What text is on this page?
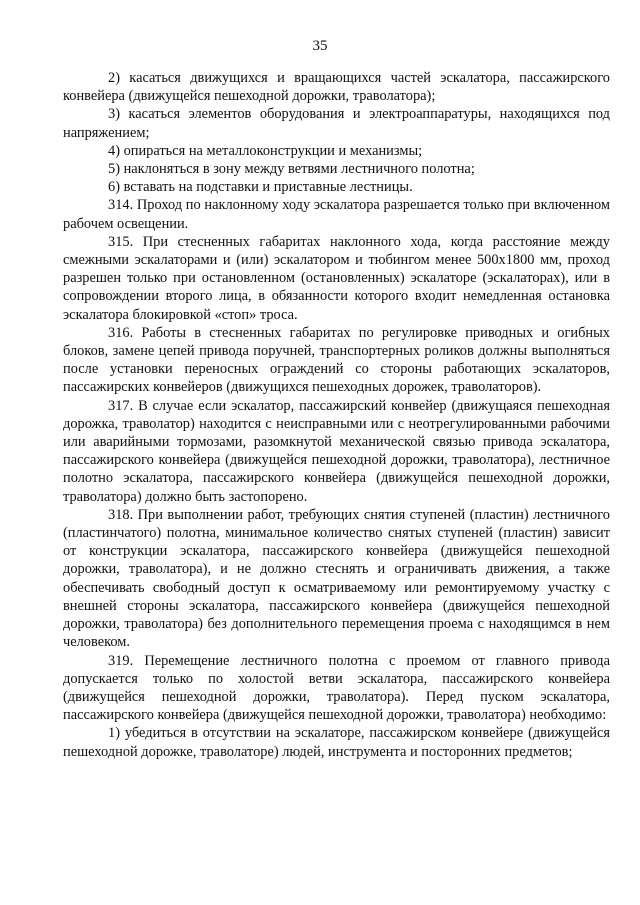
35

2) касаться движущихся и вращающихся частей эскалатора, пассажирского конвейера (движущейся пешеходной дорожки, траволатора);

3) касаться элементов оборудования и электроаппаратуры, находящихся под напряжением;

4) опираться на металлоконструкции и механизмы;

5) наклоняться в зону между ветвями лестничного полотна;

6) вставать на подставки и приставные лестницы.

314. Проход по наклонному ходу эскалатора разрешается только при включенном рабочем освещении.

315. При стесненных габаритах наклонного хода, когда расстояние между смежными эскалаторами и (или) эскалатором и тюбингом менее 500х1800 мм, проход разрешен только при остановленном (остановленных) эскалаторе (эскалаторах), или в сопровождении второго лица, в обязанности которого входит немедленная остановка эскалатора блокировкой «стоп» троса.

316. Работы в стесненных габаритах по регулировке приводных и огибных блоков, замене цепей привода поручней, транспортерных роликов должны выполняться после установки переносных ограждений со стороны работающих эскалаторов, пассажирских конвейеров (движущихся пешеходных дорожек, траволаторов).

317. В случае если эскалатор, пассажирский конвейер (движущаяся пешеходная дорожка, траволатор) находится с неисправными или с неотрегулированными рабочими или аварийными тормозами, разомкнутой механической связью привода эскалатора, пассажирского конвейера (движущейся пешеходной дорожки, траволатора), лестничное полотно эскалатора, пассажирского конвейера (движущейся пешеходной дорожки, траволатора) должно быть застопорено.

318. При выполнении работ, требующих снятия ступеней (пластин) лестничного (пластинчатого) полотна, минимальное количество снятых ступеней (пластин) зависит от конструкции эскалатора, пассажирского конвейера (движущейся пешеходной дорожки, траволатора), и не должно стеснять и ограничивать движения, а также обеспечивать свободный доступ к осматриваемому или ремонтируемому участку с внешней стороны эскалатора, пассажирского конвейера (движущейся пешеходной дорожки, траволатора) без дополнительного перемещения проема с находящимся в нем человеком.

319. Перемещение лестничного полотна с проемом от главного привода допускается только по холостой ветви эскалатора, пассажирского конвейера (движущейся пешеходной дорожки, траволатора). Перед пуском эскалатора, пассажирского конвейера (движущейся пешеходной дорожки, траволатора) необходимо:

1) убедиться в отсутствии на эскалаторе, пассажирском конвейере (движущейся пешеходной дорожке, траволаторе) людей, инструмента и посторонних предметов;
